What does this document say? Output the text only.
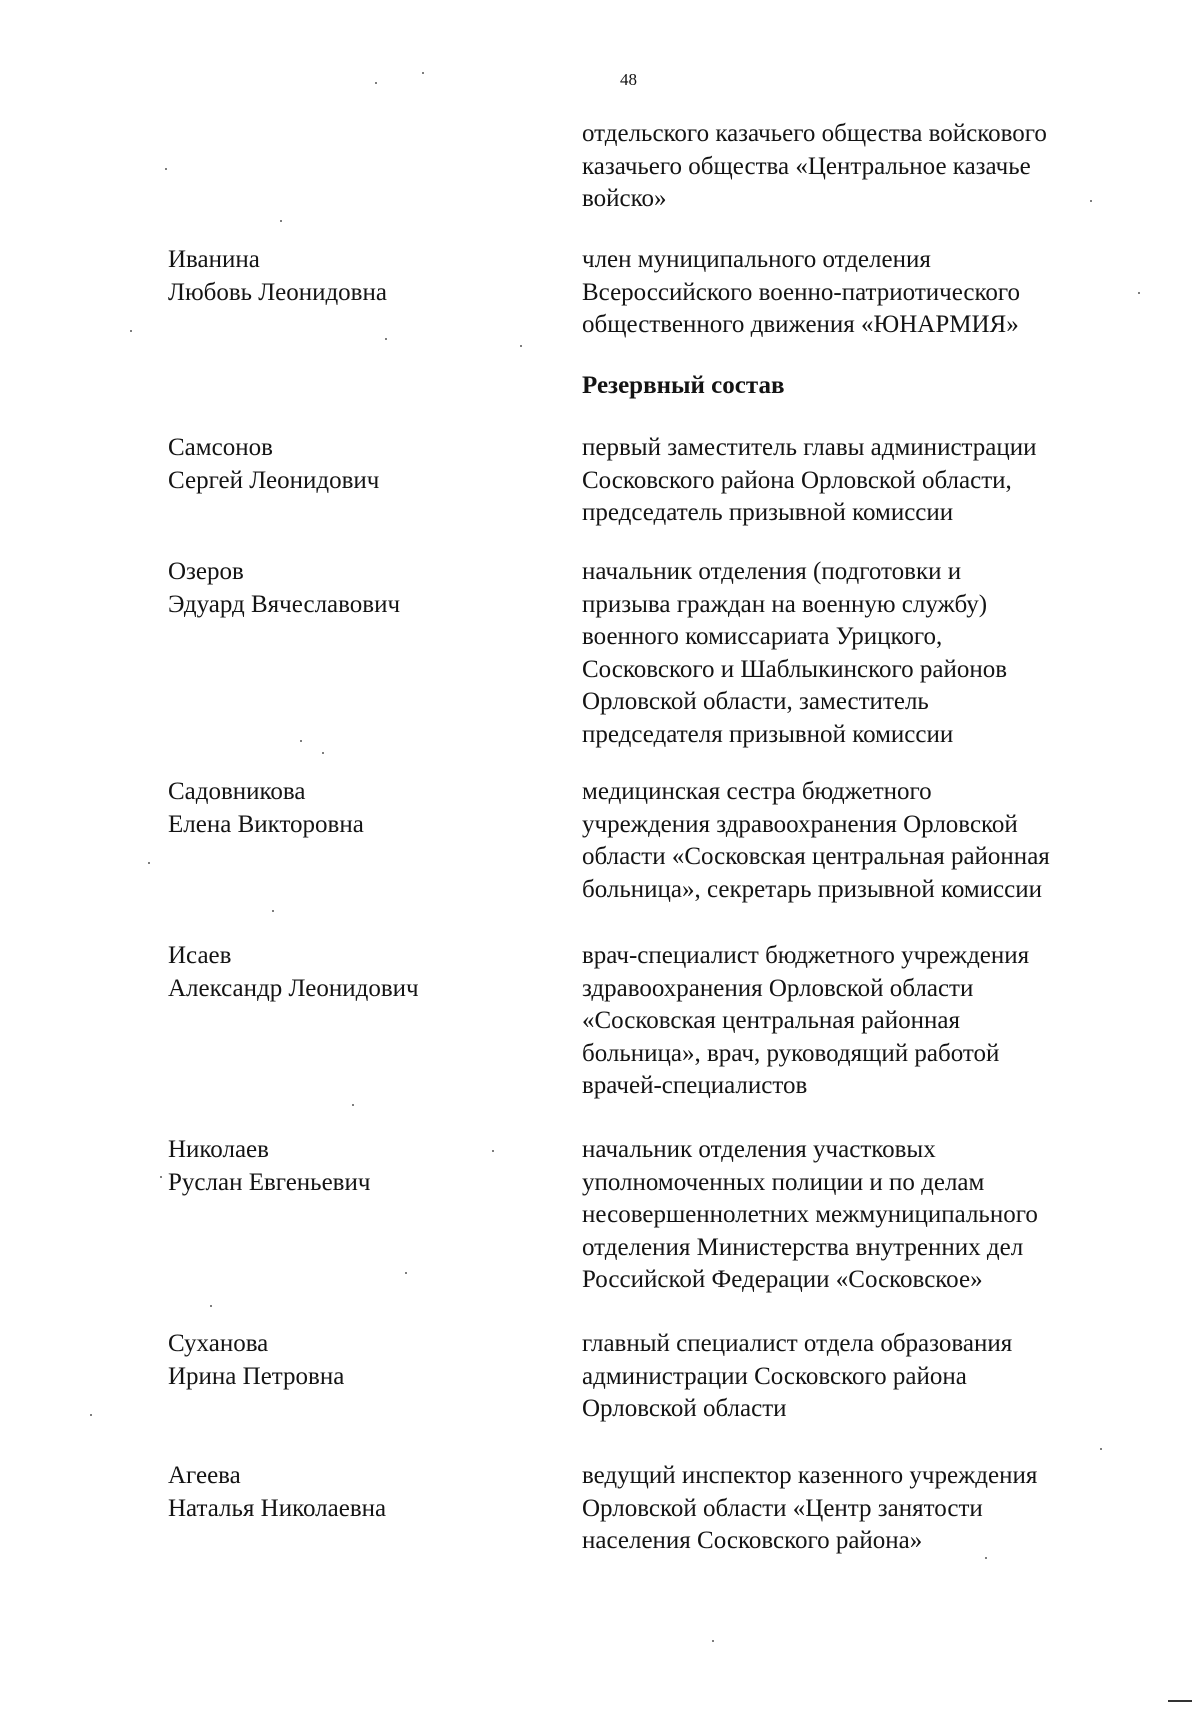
48
отдельского казачьего общества войскового
казачьего общества «Центральное казачье
войско»
Иванина
Любовь Леонидовна
член муниципального отделения
Всероссийского военно-патриотического
общественного движения «ЮНАРМИЯ»
Резервный состав
Самсонов
Сергей Леонидович
первый заместитель главы администрации
Сосковского района Орловской области,
председатель призывной комиссии
Озеров
Эдуард Вячеславович
начальник отделения (подготовки и
призыва граждан на военную службу)
военного комиссариата Урицкого,
Сосковского и Шаблыкинского районов
Орловской области, заместитель
председателя призывной комиссии
Садовникова
Елена Викторовна
медицинская сестра бюджетного
учреждения здравоохранения Орловской
области «Сосковская центральная районная
больница», секретарь призывной комиссии
Исаев
Александр Леонидович
врач-специалист бюджетного учреждения
здравоохранения Орловской области
«Сосковская центральная районная
больница», врач, руководящий работой
врачей-специалистов
Николаев
Руслан Евгеньевич
начальник отделения участковых
уполномоченных полиции и по делам
несовершеннолетних межмуниципального
отделения Министерства внутренних дел
Российской Федерации «Сосковское»
Суханова
Ирина Петровна
главный специалист отдела образования
администрации Сосковского района
Орловской области
Агеева
Наталья Николаевна
ведущий инспектор казенного учреждения
Орловской области «Центр занятости
населения Сосковского района»
